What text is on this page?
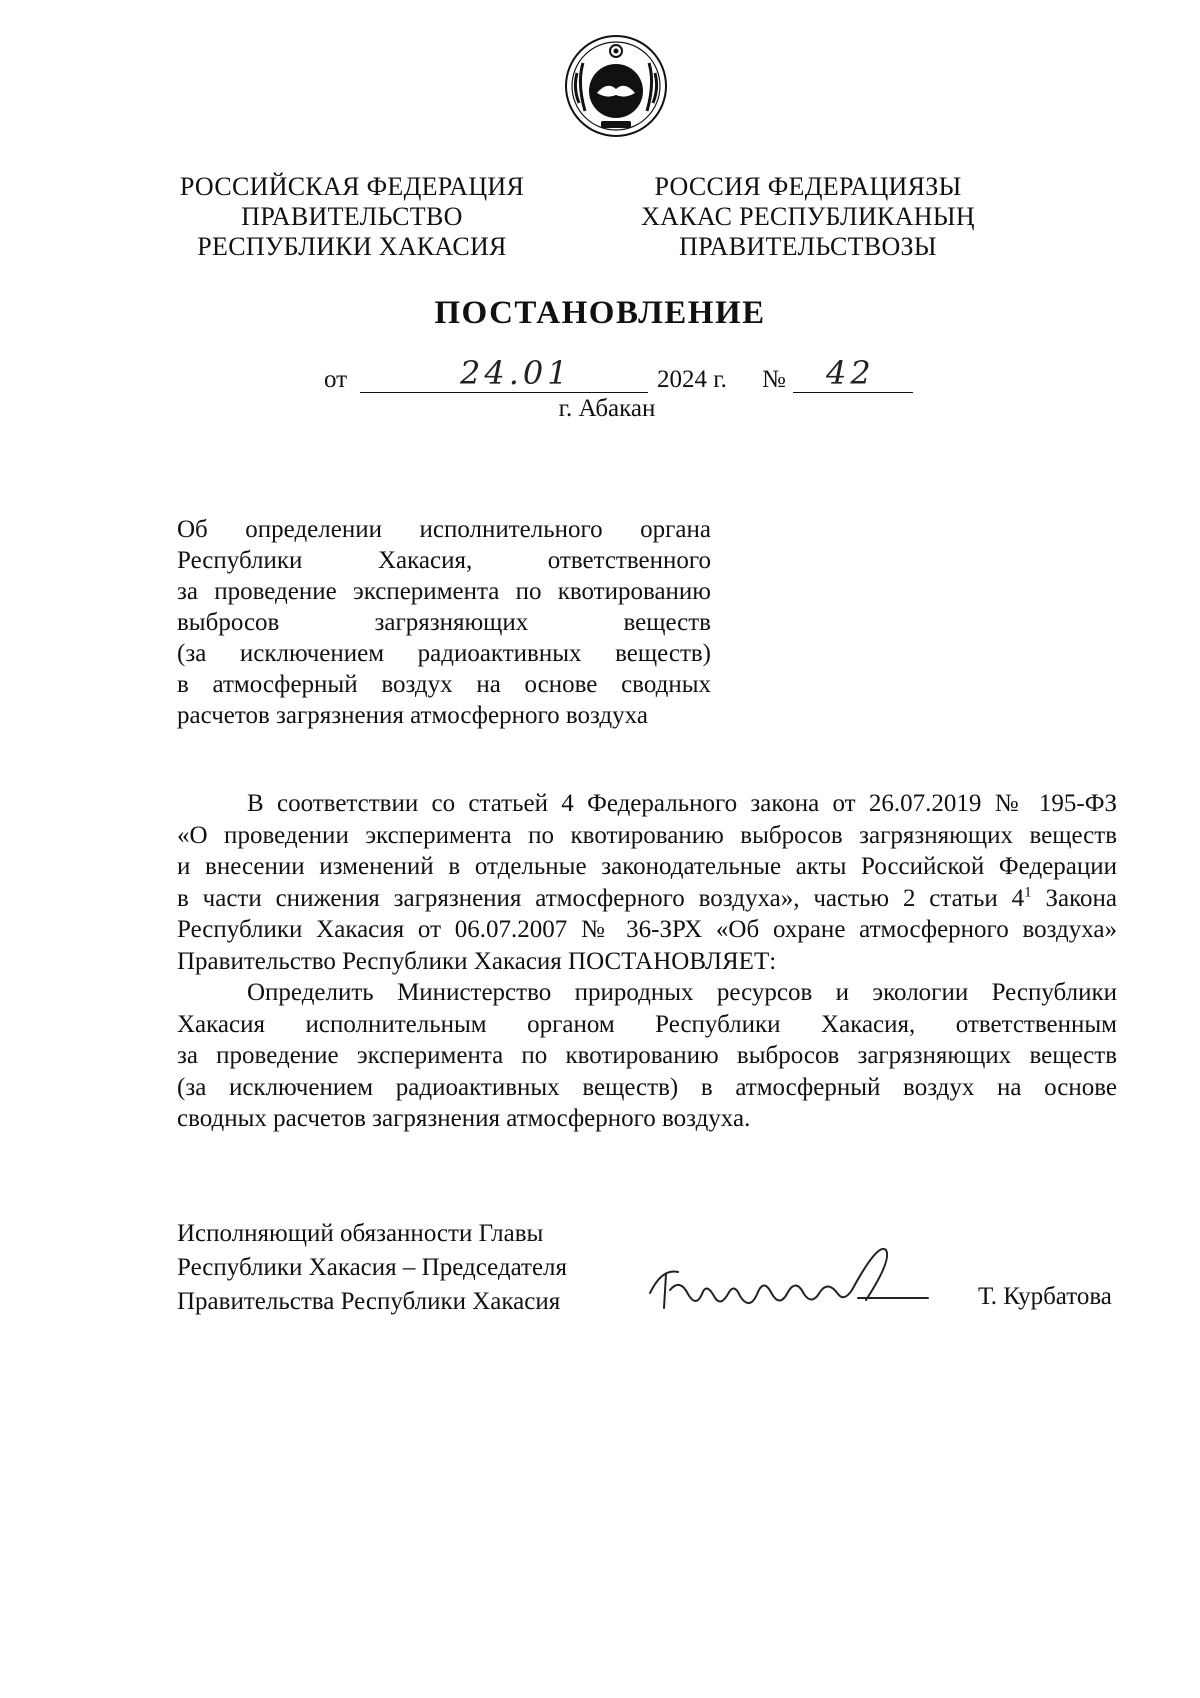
РОССИЙСКАЯ ФЕДЕРАЦИЯ
ПРАВИТЕЛЬСТВО
РЕСПУБЛИКИ ХАКАСИЯ
РОССИЯ ФЕДЕРАЦИЯЗЫ
ХАКАС РЕСПУБЛИКАНЫҢ
ПРАВИТЕЛЬСТВОЗЫ
ПОСТАНОВЛЕНИЕ
от	24.01	2024 г. № 42
г. Абакан
Об определении исполнительного органа
Республики Хакасия, ответственного
за проведение эксперимента по квотированию
выбросов загрязняющих веществ
(за исключением радиоактивных веществ)
в атмосферный воздух на основе сводных
расчетов загрязнения атмосферного воздуха
В соответствии со статьей 4 Федерального закона от 26.07.2019 № 195-ФЗ
«О проведении эксперимента по квотированию выбросов загрязняющих веществ
и внесении изменений в отдельные законодательные акты Российской Федерации
в части снижения загрязнения атмосферного воздуха», частью 2 статьи $4^1$ Закона
Республики Хакасия от 06.07.2007 № 36-ЗРХ «Об охране атмосферного воздуха»
Правительство Республики Хакасия ПОСТАНОВЛЯЕТ:
Определить Министерство природных ресурсов и экологии Республики
Хакасия исполнительным органом Республики Хакасия, ответственным
за проведение эксперимента по квотированию выбросов загрязняющих веществ
(за исключением радиоактивных веществ) в атмосферный воздух на основе
сводных расчетов загрязнения атмосферного воздуха.
Исполняющий обязанности Главы
Республики Хакасия – Председателя
Правительства Республики Хакасия	Т. Курбатова
